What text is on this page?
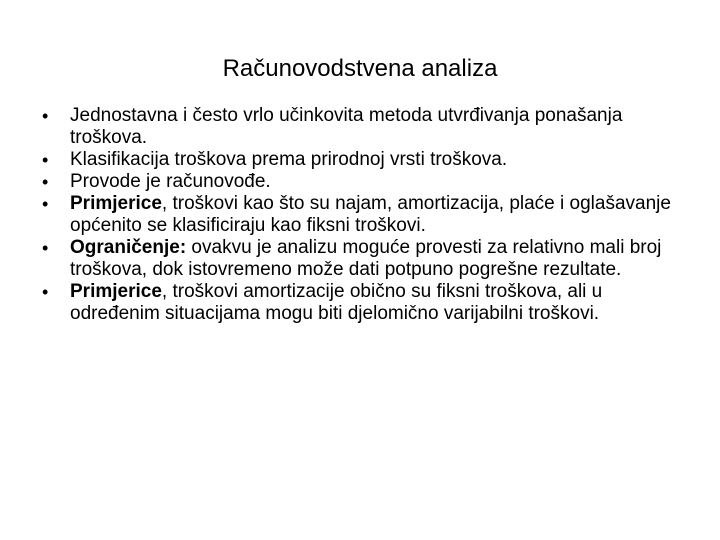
Računovodstvena analiza
•	Jednostavna i često vrlo učinkovita metoda utvrđivanja ponašanja troškova.
•	Klasifikacija troškova prema prirodnoj vrsti troškova.
•	Provode je računovođe.
•	Primjerice, troškovi kao što su najam, amortizacija, plaće i oglašavanje općenito se klasificiraju kao fiksni troškovi.
•	Ograničenje: ovakvu je analizu moguće provesti za relativno mali broj troškova, dok istovremeno može dati potpuno pogrešne rezultate.
•	Primjerice, troškovi amortizacije obično su fiksni troškova, ali u određenim situacijama mogu biti djelomično varijabilni troškovi.
